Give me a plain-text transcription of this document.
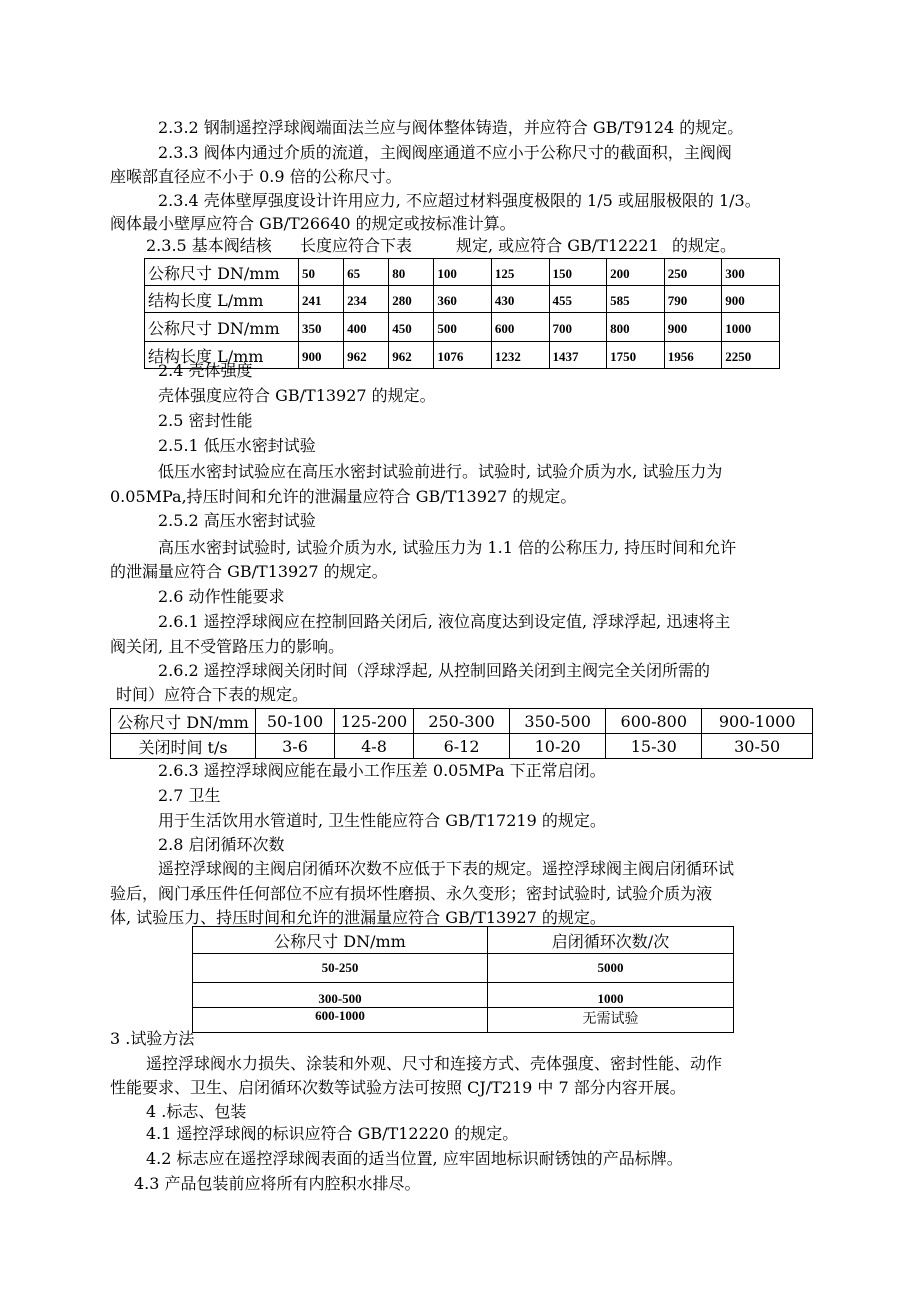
2.3.2 钢制遥控浮球阀端面法兰应与阀体整体铸造，并应符合 GB/T9124 的规定。
2.3.3 阀体内通过介质的流道，主阀阀座通道不应小于公称尺寸的截面积，主阀阀
座喉部直径应不小于 0.9 倍的公称尺寸。
2.3.4 壳体壁厚强度设计许用应力, 不应超过材料强度极限的 1/5 或屈服极限的 1/3。
阀体最小壁厚应符合 GB/T26640 的规定或按标准计算。
2.3.5 基本阀结核 长度应符合下表	规定, 或应符合 GB/T12221 的规定。
公称尺寸 DN/mm	50	65	80	100	125	150	200	250	300
结构长度 L/mm	241	234	280	360	430	455	585	790	900
公称尺寸 DN/mm	350	400	450	500	600	700	800	900	1000
结构长度 L/mm	900	962	962	1076	1232	1437	1750	1956	2250
2.4 壳体强度
壳体强度应符合 GB/T13927 的规定。
2.5 密封性能
2.5.1 低压水密封试验
低压水密封试验应在高压水密封试验前进行。试验时, 试验介质为水, 试验压力为
0.05MPa,持压时间和允许的泄漏量应符合 GB/T13927 的规定。
2.5.2 高压水密封试验
高压水密封试验时, 试验介质为水, 试验压力为 1.1 倍的公称压力, 持压时间和允许
的泄漏量应符合 GB/T13927 的规定。
2.6 动作性能要求
2.6.1 遥控浮球阀应在控制回路关闭后, 液位高度达到设定值, 浮球浮起, 迅速将主
阀关闭, 且不受管路压力的影响。
2.6.2 遥控浮球阀关闭时间（浮球浮起, 从控制回路关闭到主阀完全关闭所需的
时间）应符合下表的规定。
公称尺寸 DN/mm	50-100	125-200	250-300	350-500	600-800	900-1000
关闭时间 t/s	3-6	4-8	6-12	10-20	15-30	30-50
2.6.3 遥控浮球阀应能在最小工作压差 0.05MPa 下正常启闭。
2.7 卫生
用于生活饮用水管道时, 卫生性能应符合 GB/T17219 的规定。
2.8 启闭循环次数
遥控浮球阀的主阀启闭循环次数不应低于下表的规定。遥控浮球阀主阀启闭循环试
验后，阀门承压件任何部位不应有损坏性磨损、永久变形；密封试验时, 试验介质为液
体, 试验压力、持压时间和允许的泄漏量应符合 GB/T13927 的规定。
公称尺寸 DN/mm	启闭循环次数/次
50-250	5000
300-500	1000
600-1000	无需试验
3 .试验方法
遥控浮球阀水力损失、涂装和外观、尺寸和连接方式、壳体强度、密封性能、动作
性能要求、卫生、启闭循环次数等试验方法可按照 CJ/T219 中 7 部分内容开展。
4 .标志、包装
4.1 遥控浮球阀的标识应符合 GB/T12220 的规定。
4.2 标志应在遥控浮球阀表面的适当位置, 应牢固地标识耐锈蚀的产品标牌。
4.3 产品包装前应将所有内腔积水排尽。
